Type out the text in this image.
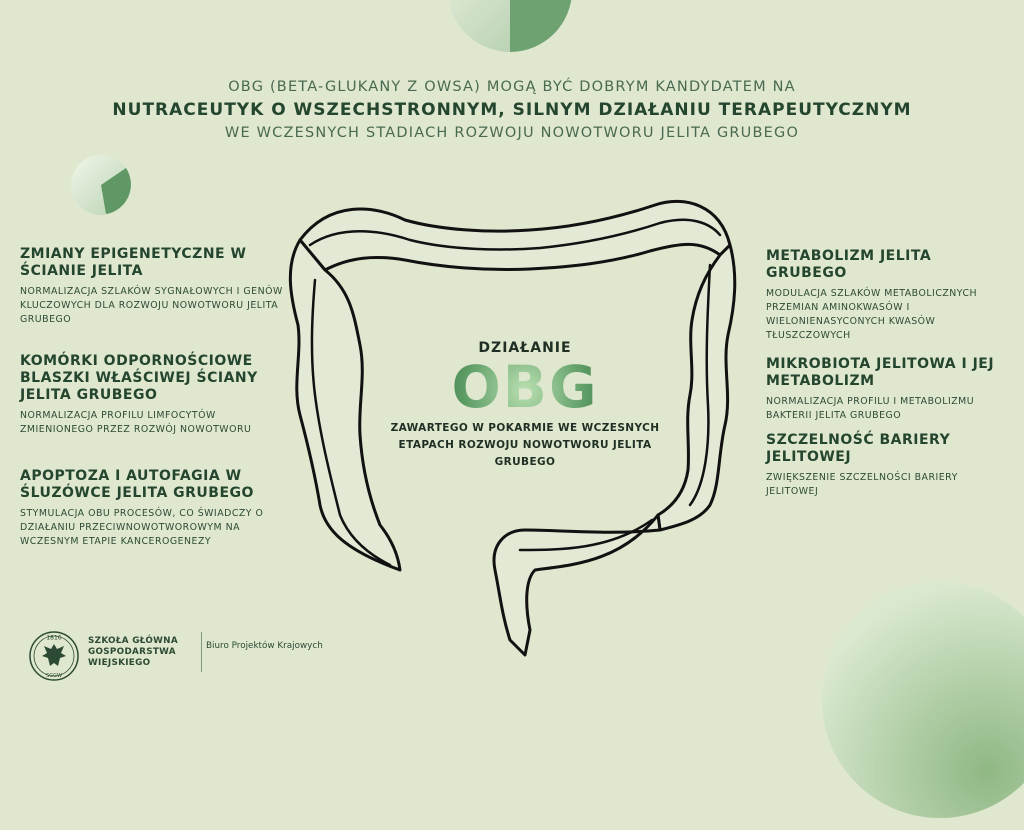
OBG (BETA-GLUKANY Z OWSA) MOGĄ BYĆ DOBRYM KANDYDATEM NA
NUTRACEUTYK O WSZECHSTRONNYM, SILNYM DZIAŁANIU TERAPEUTYCZNYM
WE WCZESNYCH STADIACH ROZWOJU NOWOTWORU JELITA GRUBEGO
ZMIANY EPIGENETYCZNE W ŚCIANIE JELITA
NORMALIZACJA SZLAKÓW SYGNAŁOWYCH I GENÓW KLUCZOWYCH DLA ROZWOJU NOWOTWORU JELITA GRUBEGO
KOMÓRKI ODPORNOŚCIOWE BLASZKI WŁAŚCIWEJ ŚCIANY JELITA GRUBEGO
NORMALIZACJA PROFILU LIMFOCYTÓW ZMIENIONEGO PRZEZ ROZWÓJ NOWOTWORU
APOPTOZA I AUTOFAGIA W ŚLUZÓWCE JELITA GRUBEGO
STYMULACJA OBU PROCESÓW, CO ŚWIADCZY O DZIAŁANIU PRZECIWNOWOTWOROWYM NA WCZESNYM ETAPIE KANCEROGENEZY
METABOLIZM JELITA GRUBEGO
MODULACJA SZLAKÓW METABOLICZNYCH PRZEMIAN AMINOKWASÓW I WIELONIENASYCONYCH KWASÓW TŁUSZCZOWYCH
MIKROBIOTA JELITOWA I JEJ METABOLIZM
NORMALIZACJA PROFILU I METABOLIZMU BAKTERII JELITA GRUBEGO
SZCZELNOŚĆ BARIERY JELITOWEJ
ZWIĘKSZENIE SZCZELNOŚCI BARIERY JELITOWEJ
DZIAŁANIE
OBG
ZAWARTEGO W POKARMIE WE WCZESNYCH ETAPACH ROZWOJU NOWOTWORU JELITA GRUBEGO
1816
SGGW
SZKOŁA GŁÓWNA GOSPODARSTWA WIEJSKIEGO
Biuro Projektów Krajowych
